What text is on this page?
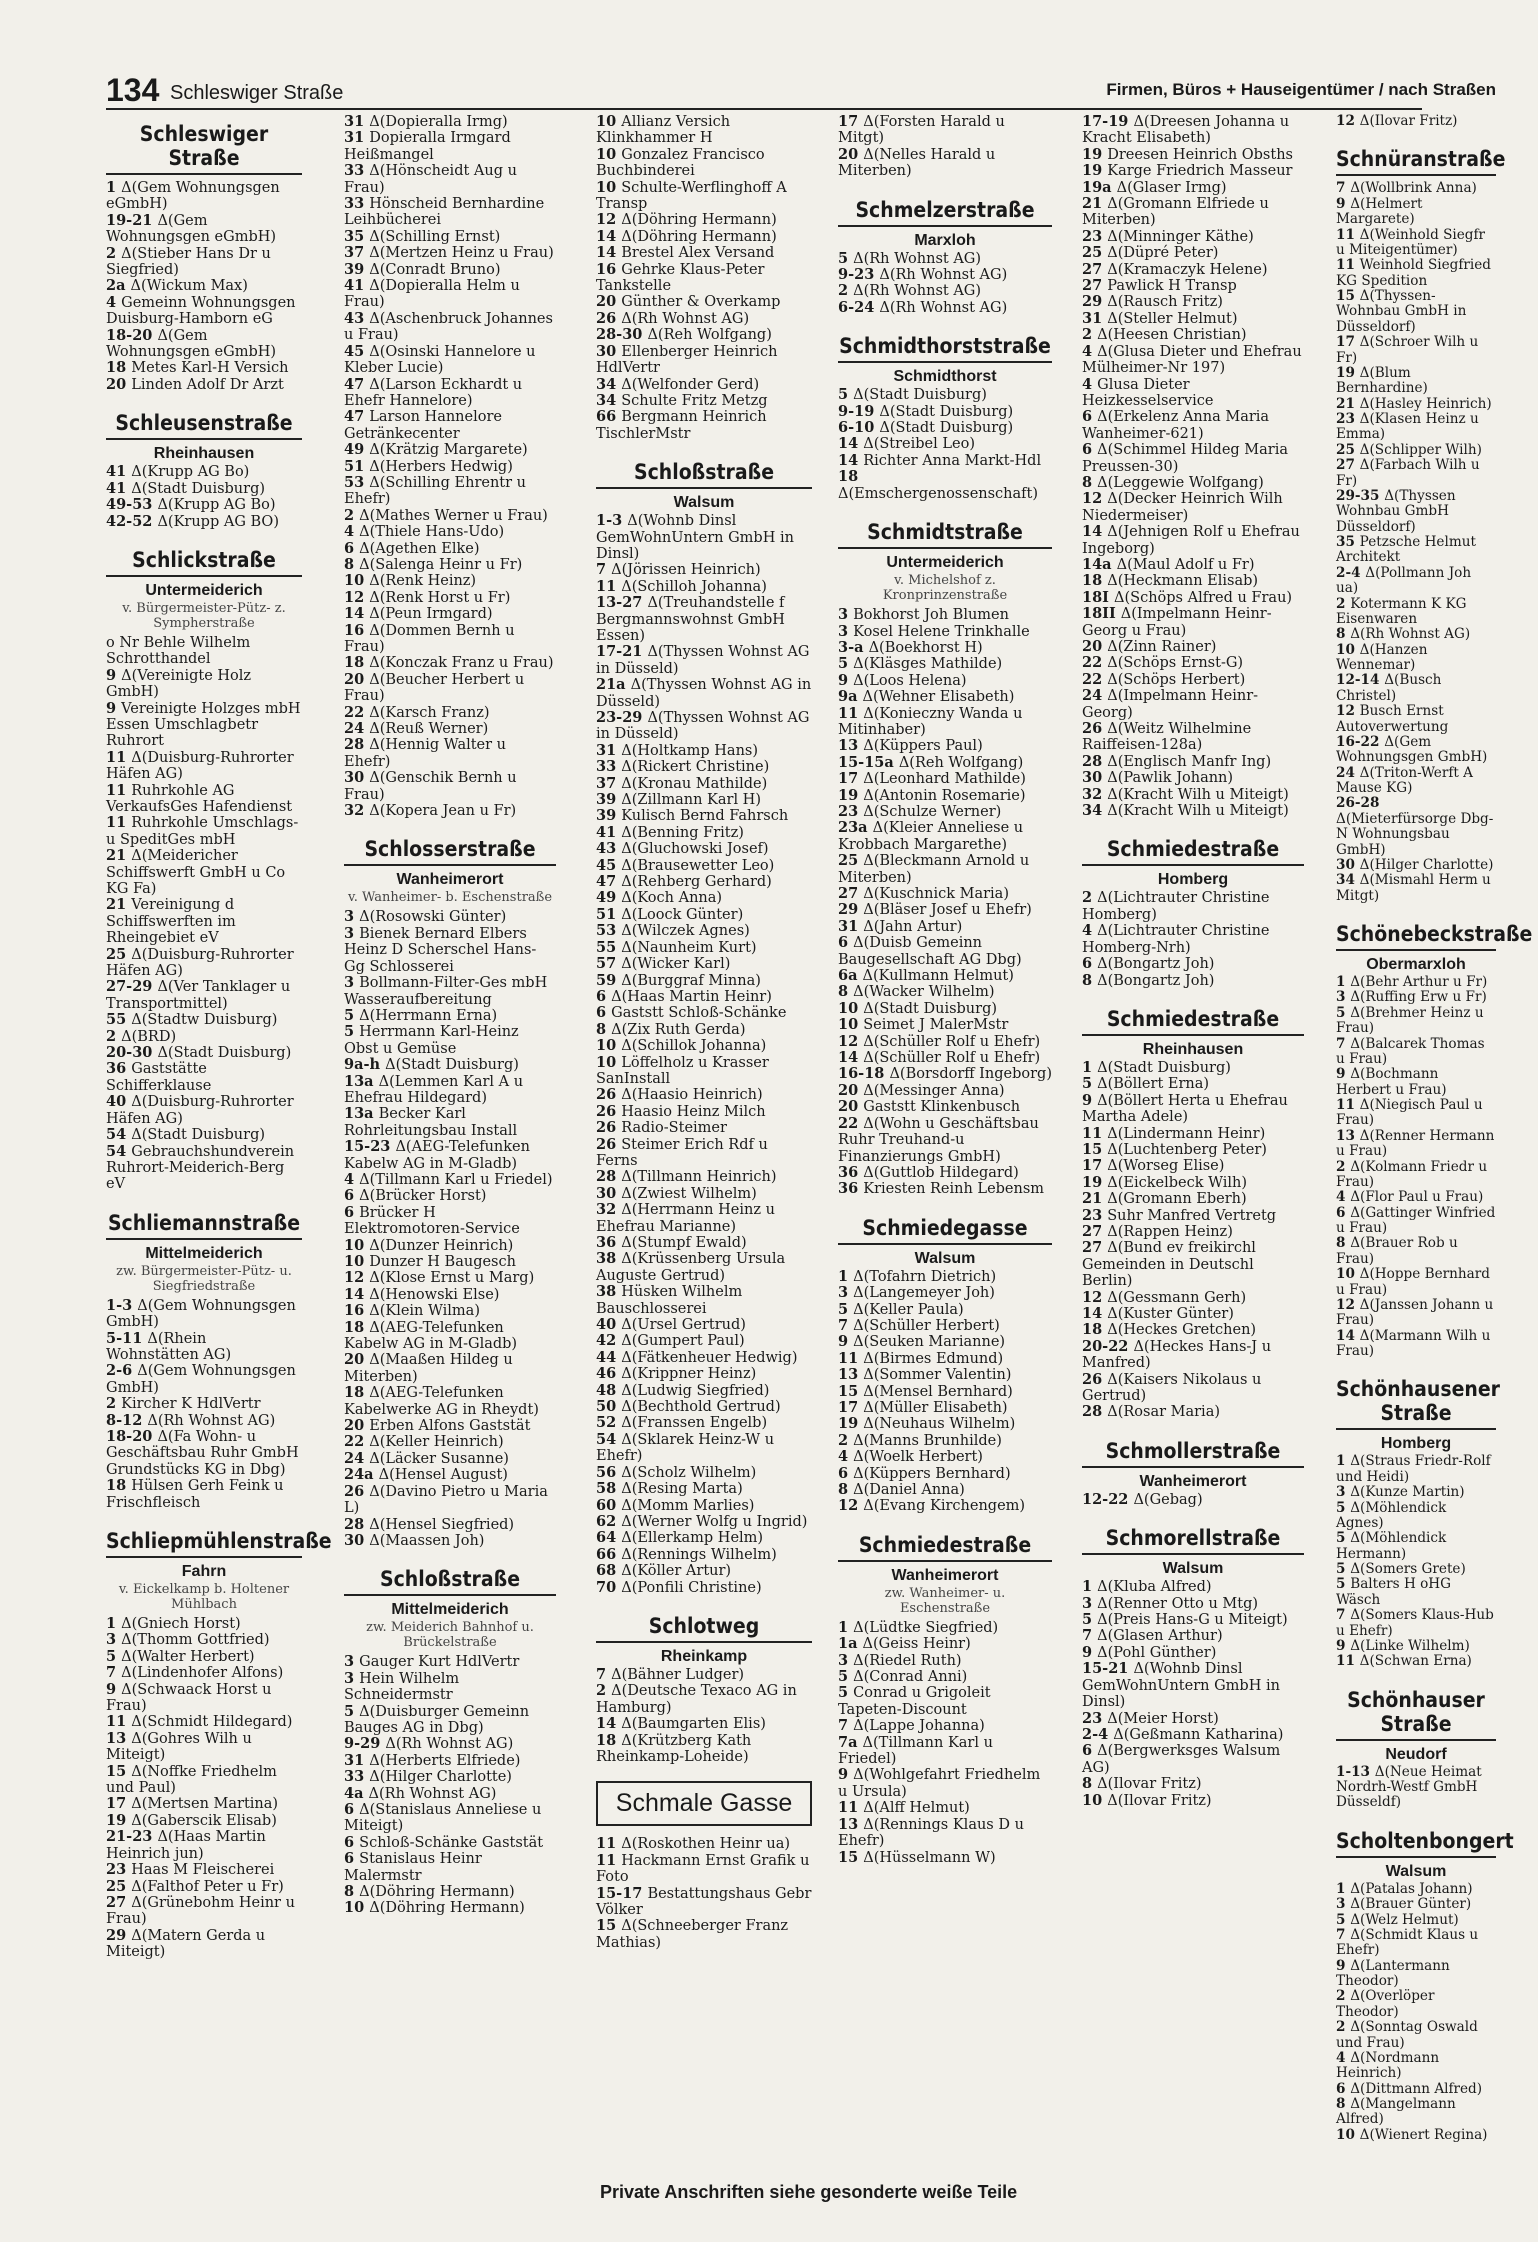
134 Schleswiger Straße	Firmen, Büros + Hauseigentümer / nach Straßen
Schleswiger Straße
1 Δ(Gem Wohnungsgen eGmbH)
19-21 Δ(Gem Wohnungsgen eGmbH)
2 Δ(Stieber Hans Dr u Siegfried)
2a Δ(Wickum Max)
4 Gemeinn Wohnungsgen Duisburg-Hamborn eG
18-20 Δ(Gem Wohnungsgen eGmbH)
18 Metes Karl-H Versich
20 Linden Adolf Dr Arzt
Schleusenstraße
Rheinhausen
41 Δ(Krupp AG Bo)
41 Δ(Stadt Duisburg)
49-53 Δ(Krupp AG Bo)
42-52 Δ(Krupp AG BO)
Schlickstraße
Untermeiderich
v. Bürgermeister-Pütz- z. Sympherstraße
o Nr Behle Wilhelm Schrotthandel
9 Δ(Vereinigte Holz GmbH)
9 Vereinigte Holzges mbH Essen Umschlagbetr Ruhrort
11 Δ(Duisburg-Ruhrorter Häfen AG)
11 Ruhrkohle AG VerkaufsGes Hafendienst
11 Ruhrkohle Umschlags-u SpeditGes mbH
21 Δ(Meidericher Schiffswerft GmbH u Co KG Fa)
21 Vereinigung d Schiffswerften im Rheingebiet eV
25 Δ(Duisburg-Ruhrorter Häfen AG)
27-29 Δ(Ver Tanklager u Transportmittel)
55 Δ(Stadtw Duisburg)
2 Δ(BRD)
20-30 Δ(Stadt Duisburg)
36 Gaststätte Schifferklause
40 Δ(Duisburg-Ruhrorter Häfen AG)
54 Δ(Stadt Duisburg)
54 Gebrauchshundverein Ruhrort-Meiderich-Berg eV
Schliemannstraße
Mittelmeiderich
zw. Bürgermeister-Pütz- u. Siegfriedstraße
1-3 Δ(Gem Wohnungsgen GmbH)
5-11 Δ(Rhein Wohnstätten AG)
2-6 Δ(Gem Wohnungsgen GmbH)
2 Kircher K HdlVertr
8-12 Δ(Rh Wohnst AG)
18-20 Δ(Fa Wohn- u Geschäftsbau Ruhr GmbH Grundstücks KG in Dbg)
18 Hülsen Gerh Feink u Frischfleisch
Schliepmühlenstraße
Fahrn
v. Eickelkamp b. Holtener Mühlbach
1 Δ(Gniech Horst)
3 Δ(Thomm Gottfried)
5 Δ(Walter Herbert)
7 Δ(Lindenhofer Alfons)
9 Δ(Schwaack Horst u Frau)
11 Δ(Schmidt Hildegard)
13 Δ(Gohres Wilh u Miteigt)
15 Δ(Noffke Friedhelm und Paul)
17 Δ(Mertsen Martina)
19 Δ(Gaberscik Elisab)
21-23 Δ(Haas Martin Heinrich jun)
23 Haas M Fleischerei
25 Δ(Falthof Peter u Fr)
27 Δ(Grünebohm Heinr u Frau)
29 Δ(Matern Gerda u Miteigt)
31 Δ(Dopieralla Irmg)
31 Dopieralla Irmgard Heißmangel
33 Δ(Hönscheidt Aug u Frau)
33 Hönscheid Bernhardine Leihbücherei
35 Δ(Schilling Ernst)
37 Δ(Mertzen Heinz u Frau)
39 Δ(Conradt Bruno)
41 Δ(Dopieralla Helm u Frau)
43 Δ(Aschenbruck Johannes u Frau)
45 Δ(Osinski Hannelore u Kleber Lucie)
47 Δ(Larson Eckhardt u Ehefr Hannelore)
47 Larson Hannelore Getränkecenter
49 Δ(Krätzig Margarete)
51 Δ(Herbers Hedwig)
53 Δ(Schilling Ehrentr u Ehefr)
2 Δ(Mathes Werner u Frau)
4 Δ(Thiele Hans-Udo)
6 Δ(Agethen Elke)
8 Δ(Salenga Heinr u Fr)
10 Δ(Renk Heinz)
12 Δ(Renk Horst u Fr)
14 Δ(Peun Irmgard)
16 Δ(Dommen Bernh u Frau)
18 Δ(Konczak Franz u Frau)
20 Δ(Beucher Herbert u Frau)
22 Δ(Karsch Franz)
24 Δ(Reuß Werner)
28 Δ(Hennig Walter u Ehefr)
30 Δ(Genschik Bernh u Frau)
32 Δ(Kopera Jean u Fr)
Schlosserstraße
Wanheimerort
v. Wanheimer- b. Eschenstraße
3 Δ(Rosowski Günter)
3 Bienek Bernard Elbers Heinz D Scherschel Hans-Gg Schlosserei
3 Bollmann-Filter-Ges mbH Wasseraufbereitung
5 Δ(Herrmann Erna)
5 Herrmann Karl-Heinz Obst u Gemüse
9a-h Δ(Stadt Duisburg)
13a Δ(Lemmen Karl A u Ehefrau Hildegard)
13a Becker Karl Rohrleitungsbau Install
15-23 Δ(AEG-Telefunken Kabelw AG in M-Gladb)
4 Δ(Tillmann Karl u Friedel)
6 Δ(Brücker Horst)
6 Brücker H Elektromotoren-Service
10 Δ(Dunzer Heinrich)
10 Dunzer H Baugesch
12 Δ(Klose Ernst u Marg)
14 Δ(Henowski Else)
16 Δ(Klein Wilma)
18 Δ(AEG-Telefunken Kabelw AG in M-Gladb)
20 Δ(Maaßen Hildeg u Miterben)
18 Δ(AEG-Telefunken Kabelwerke AG in Rheydt)
20 Erben Alfons Gaststät
22 Δ(Keller Heinrich)
24 Δ(Läcker Susanne)
24a Δ(Hensel August)
26 Δ(Davino Pietro u Maria L)
28 Δ(Hensel Siegfried)
30 Δ(Maassen Joh)
Schloßstraße
Mittelmeiderich
zw. Meiderich Bahnhof u. Brückelstraße
3 Gauger Kurt HdlVertr
3 Hein Wilhelm Schneidermstr
5 Δ(Duisburger Gemeinn Bauges AG in Dbg)
9-29 Δ(Rh Wohnst AG)
31 Δ(Herberts Elfriede)
33 Δ(Hilger Charlotte)
4a Δ(Rh Wohnst AG)
6 Δ(Stanislaus Anneliese u Miteigt)
6 Schloß-Schänke Gaststät
6 Stanislaus Heinr Malermstr
8 Δ(Döhring Hermann)
10 Δ(Döhring Hermann)
10 Allianz Versich Klinkhammer H
10 Gonzalez Francisco Buchbinderei
10 Schulte-Werflinghoff A Transp
12 Δ(Döhring Hermann)
14 Δ(Döhring Hermann)
14 Brestel Alex Versand
16 Gehrke Klaus-Peter Tankstelle
20 Günther & Overkamp
26 Δ(Rh Wohnst AG)
28-30 Δ(Reh Wolfgang)
30 Ellenberger Heinrich HdlVertr
34 Δ(Welfonder Gerd)
34 Schulte Fritz Metzg
66 Bergmann Heinrich TischlerMstr
Schloßstraße
Walsum
1-3 Δ(Wohnb Dinsl GemWohnUntern GmbH in Dinsl)
7 Δ(Jörissen Heinrich)
11 Δ(Schilloh Johanna)
13-27 Δ(Treuhandstelle f Bergmannswohnst GmbH Essen)
17-21 Δ(Thyssen Wohnst AG in Düsseld)
21a Δ(Thyssen Wohnst AG in Düsseld)
23-29 Δ(Thyssen Wohnst AG in Düsseld)
31 Δ(Holtkamp Hans)
33 Δ(Rickert Christine)
37 Δ(Kronau Mathilde)
39 Δ(Zillmann Karl H)
39 Kulisch Bernd Fahrsch
41 Δ(Benning Fritz)
43 Δ(Gluchowski Josef)
45 Δ(Brausewetter Leo)
47 Δ(Rehberg Gerhard)
49 Δ(Koch Anna)
51 Δ(Loock Günter)
53 Δ(Wilczek Agnes)
55 Δ(Naunheim Kurt)
57 Δ(Wicker Karl)
59 Δ(Burggraf Minna)
6 Δ(Haas Martin Heinr)
6 Gaststt Schloß-Schänke
8 Δ(Zix Ruth Gerda)
10 Δ(Schillok Johanna)
10 Löffelholz u Krasser SanInstall
26 Δ(Haasio Heinrich)
26 Haasio Heinz Milch
26 Radio-Steimer
26 Steimer Erich Rdf u Ferns
28 Δ(Tillmann Heinrich)
30 Δ(Zwiest Wilhelm)
32 Δ(Herrmann Heinz u Ehefrau Marianne)
36 Δ(Stumpf Ewald)
38 Δ(Krüssenberg Ursula Auguste Gertrud)
38 Hüsken Wilhelm Bauschlosserei
40 Δ(Ursel Gertrud)
42 Δ(Gumpert Paul)
44 Δ(Fätkenheuer Hedwig)
46 Δ(Krippner Heinz)
48 Δ(Ludwig Siegfried)
50 Δ(Bechthold Gertrud)
52 Δ(Franssen Engelb)
54 Δ(Sklarek Heinz-W u Ehefr)
56 Δ(Scholz Wilhelm)
58 Δ(Resing Marta)
60 Δ(Momm Marlies)
62 Δ(Werner Wolfg u Ingrid)
64 Δ(Ellerkamp Helm)
66 Δ(Rennings Wilhelm)
68 Δ(Köller Artur)
70 Δ(Ponfili Christine)
Schlotweg
Rheinkamp
7 Δ(Bähner Ludger)
2 Δ(Deutsche Texaco AG in Hamburg)
14 Δ(Baumgarten Elis)
18 Δ(Krützberg Kath Rheinkamp-Loheide)
Schmale Gasse
11 Δ(Roskothen Heinr ua)
11 Hackmann Ernst Grafik u Foto
15-17 Bestattungshaus Gebr Völker
15 Δ(Schneeberger Franz Mathias)
17 Δ(Forsten Harald u Mitgt)
20 Δ(Nelles Harald u Miterben)
Schmelzerstraße
Marxloh
5 Δ(Rh Wohnst AG)
9-23 Δ(Rh Wohnst AG)
2 Δ(Rh Wohnst AG)
6-24 Δ(Rh Wohnst AG)
Schmidthorststraße
Schmidthorst
5 Δ(Stadt Duisburg)
9-19 Δ(Stadt Duisburg)
6-10 Δ(Stadt Duisburg)
14 Δ(Streibel Leo)
14 Richter Anna Markt-Hdl
18 Δ(Emschergenossenschaft)
Schmidtstraße
Untermeiderich
v. Michelshof z. Kronprinzenstraße
3 Bokhorst Joh Blumen
3 Kosel Helene Trinkhalle
3-a Δ(Boekhorst H)
5 Δ(Kläsges Mathilde)
9 Δ(Loos Helena)
9a Δ(Wehner Elisabeth)
11 Δ(Konieczny Wanda u Mitinhaber)
13 Δ(Küppers Paul)
15-15a Δ(Reh Wolfgang)
17 Δ(Leonhard Mathilde)
19 Δ(Antonin Rosemarie)
23 Δ(Schulze Werner)
23a Δ(Kleier Anneliese u Krobbach Margarethe)
25 Δ(Bleckmann Arnold u Miterben)
27 Δ(Kuschnick Maria)
29 Δ(Bläser Josef u Ehefr)
31 Δ(Jahn Artur)
6 Δ(Duisb Gemeinn Baugesellschaft AG Dbg)
6a Δ(Kullmann Helmut)
8 Δ(Wacker Wilhelm)
10 Δ(Stadt Duisburg)
10 Seimet J MalerMstr
12 Δ(Schüller Rolf u Ehefr)
14 Δ(Schüller Rolf u Ehefr)
16-18 Δ(Borsdorff Ingeborg)
20 Δ(Messinger Anna)
20 Gaststt Klinkenbusch
22 Δ(Wohn u Geschäftsbau Ruhr Treuhand-u Finanzierungs GmbH)
36 Δ(Guttlob Hildegard)
36 Kriesten Reinh Lebensm
Schmiedegasse
Walsum
1 Δ(Tofahrn Dietrich)
3 Δ(Langemeyer Joh)
5 Δ(Keller Paula)
7 Δ(Schüller Herbert)
9 Δ(Seuken Marianne)
11 Δ(Birmes Edmund)
13 Δ(Sommer Valentin)
15 Δ(Mensel Bernhard)
17 Δ(Müller Elisabeth)
19 Δ(Neuhaus Wilhelm)
2 Δ(Manns Brunhilde)
4 Δ(Woelk Herbert)
6 Δ(Küppers Bernhard)
8 Δ(Daniel Anna)
12 Δ(Evang Kirchengem)
Schmiedestraße
Wanheimerort
zw. Wanheimer- u. Eschenstraße
1 Δ(Lüdtke Siegfried)
1a Δ(Geiss Heinr)
3 Δ(Riedel Ruth)
5 Δ(Conrad Anni)
5 Conrad u Grigoleit Tapeten-Discount
7 Δ(Lappe Johanna)
7a Δ(Tillmann Karl u Friedel)
9 Δ(Wohlgefahrt Friedhelm u Ursula)
11 Δ(Alff Helmut)
13 Δ(Rennings Klaus D u Ehefr)
15 Δ(Hüsselmann W)
17-19 Δ(Dreesen Johanna u Kracht Elisabeth)
19 Dreesen Heinrich Obsths
19 Karge Friedrich Masseur
19a Δ(Glaser Irmg)
21 Δ(Gromann Elfriede u Miterben)
23 Δ(Minninger Käthe)
25 Δ(Düpré Peter)
27 Δ(Kramaczyk Helene)
27 Pawlick H Transp
29 Δ(Rausch Fritz)
31 Δ(Steller Helmut)
2 Δ(Heesen Christian)
4 Δ(Glusa Dieter und Ehefrau Mülheimer-Nr 197)
4 Glusa Dieter Heizkesselservice
6 Δ(Erkelenz Anna Maria Wanheimer-621)
6 Δ(Schimmel Hildeg Maria Preussen-30)
8 Δ(Leggewie Wolfgang)
12 Δ(Decker Heinrich Wilh Niedermeiser)
14 Δ(Jehnigen Rolf u Ehefrau Ingeborg)
14a Δ(Maul Adolf u Fr)
18 Δ(Heckmann Elisab)
18I Δ(Schöps Alfred u Frau)
18II Δ(Impelmann Heinr-Georg u Frau)
20 Δ(Zinn Rainer)
22 Δ(Schöps Ernst-G)
22 Δ(Schöps Herbert)
24 Δ(Impelmann Heinr-Georg)
26 Δ(Weitz Wilhelmine Raiffeisen-128a)
28 Δ(Englisch Manfr Ing)
30 Δ(Pawlik Johann)
32 Δ(Kracht Wilh u Miteigt)
34 Δ(Kracht Wilh u Miteigt)
Schmiedestraße
Homberg
2 Δ(Lichtrauter Christine Homberg)
4 Δ(Lichtrauter Christine Homberg-Nrh)
6 Δ(Bongartz Joh)
8 Δ(Bongartz Joh)
Schmiedestraße
Rheinhausen
1 Δ(Stadt Duisburg)
5 Δ(Böllert Erna)
9 Δ(Böllert Herta u Ehefrau Martha Adele)
11 Δ(Lindermann Heinr)
15 Δ(Luchtenberg Peter)
17 Δ(Worseg Elise)
19 Δ(Eickelbeck Wilh)
21 Δ(Gromann Eberh)
23 Suhr Manfred Vertretg
27 Δ(Rappen Heinz)
27 Δ(Bund ev freikirchl Gemeinden in Deutschl Berlin)
12 Δ(Gessmann Gerh)
14 Δ(Kuster Günter)
18 Δ(Heckes Gretchen)
20-22 Δ(Heckes Hans-J u Manfred)
26 Δ(Kaisers Nikolaus u Gertrud)
28 Δ(Rosar Maria)
Schmollerstraße
Wanheimerort
12-22 Δ(Gebag)
Schmorellstraße
Walsum
1 Δ(Kluba Alfred)
3 Δ(Renner Otto u Mtg)
5 Δ(Preis Hans-G u Miteigt)
7 Δ(Glasen Arthur)
9 Δ(Pohl Günther)
15-21 Δ(Wohnb Dinsl GemWohnUntern GmbH in Dinsl)
23 Δ(Meier Horst)
2-4 Δ(Geßmann Katharina)
6 Δ(Bergwerksges Walsum AG)
8 Δ(Ilovar Fritz)
10 Δ(Ilovar Fritz)
12 Δ(Ilovar Fritz)
Schnüranstraße
7 Δ(Wollbrink Anna)
9 Δ(Helmert Margarete)
11 Δ(Weinhold Siegfr u Miteigentümer)
11 Weinhold Siegfried KG Spedition
15 Δ(Thyssen-Wohnbau GmbH in Düsseldorf)
17 Δ(Schroer Wilh u Fr)
19 Δ(Blum Bernhardine)
21 Δ(Hasley Heinrich)
23 Δ(Klasen Heinz u Emma)
25 Δ(Schlipper Wilh)
27 Δ(Farbach Wilh u Fr)
29-35 Δ(Thyssen Wohnbau GmbH Düsseldorf)
35 Petzsche Helmut Architekt
2-4 Δ(Pollmann Joh ua)
2 Kotermann K KG Eisenwaren
8 Δ(Rh Wohnst AG)
10 Δ(Hanzen Wennemar)
12-14 Δ(Busch Christel)
12 Busch Ernst Autoverwertung
16-22 Δ(Gem Wohnungsgen GmbH)
24 Δ(Triton-Werft A Mause KG)
26-28 Δ(Mieterfürsorge Dbg-N Wohnungsbau GmbH)
30 Δ(Hilger Charlotte)
34 Δ(Mismahl Herm u Mitgt)
Schönebeckstraße
Obermarxloh
1 Δ(Behr Arthur u Fr)
3 Δ(Ruffing Erw u Fr)
5 Δ(Brehmer Heinz u Frau)
7 Δ(Balcarek Thomas u Frau)
9 Δ(Bochmann Herbert u Frau)
11 Δ(Niegisch Paul u Frau)
13 Δ(Renner Hermann u Frau)
2 Δ(Kolmann Friedr u Frau)
4 Δ(Flor Paul u Frau)
6 Δ(Gattinger Winfried u Frau)
8 Δ(Brauer Rob u Frau)
10 Δ(Hoppe Bernhard u Frau)
12 Δ(Janssen Johann u Frau)
14 Δ(Marmann Wilh u Frau)
Schönhausener Straße
Homberg
1 Δ(Straus Friedr-Rolf und Heidi)
3 Δ(Kunze Martin)
5 Δ(Möhlendick Agnes)
5 Δ(Möhlendick Hermann)
5 Δ(Somers Grete)
5 Balters H oHG Wäsch
7 Δ(Somers Klaus-Hub u Ehefr)
9 Δ(Linke Wilhelm)
11 Δ(Schwan Erna)
Schönhauser Straße
Neudorf
1-13 Δ(Neue Heimat Nordrh-Westf GmbH Düsseldf)
Scholtenbongert
Walsum
1 Δ(Patalas Johann)
3 Δ(Brauer Günter)
5 Δ(Welz Helmut)
7 Δ(Schmidt Klaus u Ehefr)
9 Δ(Lantermann Theodor)
2 Δ(Overlöper Theodor)
2 Δ(Sonntag Oswald und Frau)
4 Δ(Nordmann Heinrich)
6 Δ(Dittmann Alfred)
8 Δ(Mangelmann Alfred)
10 Δ(Wienert Regina)
Private Anschriften siehe gesonderte weiße Teile
